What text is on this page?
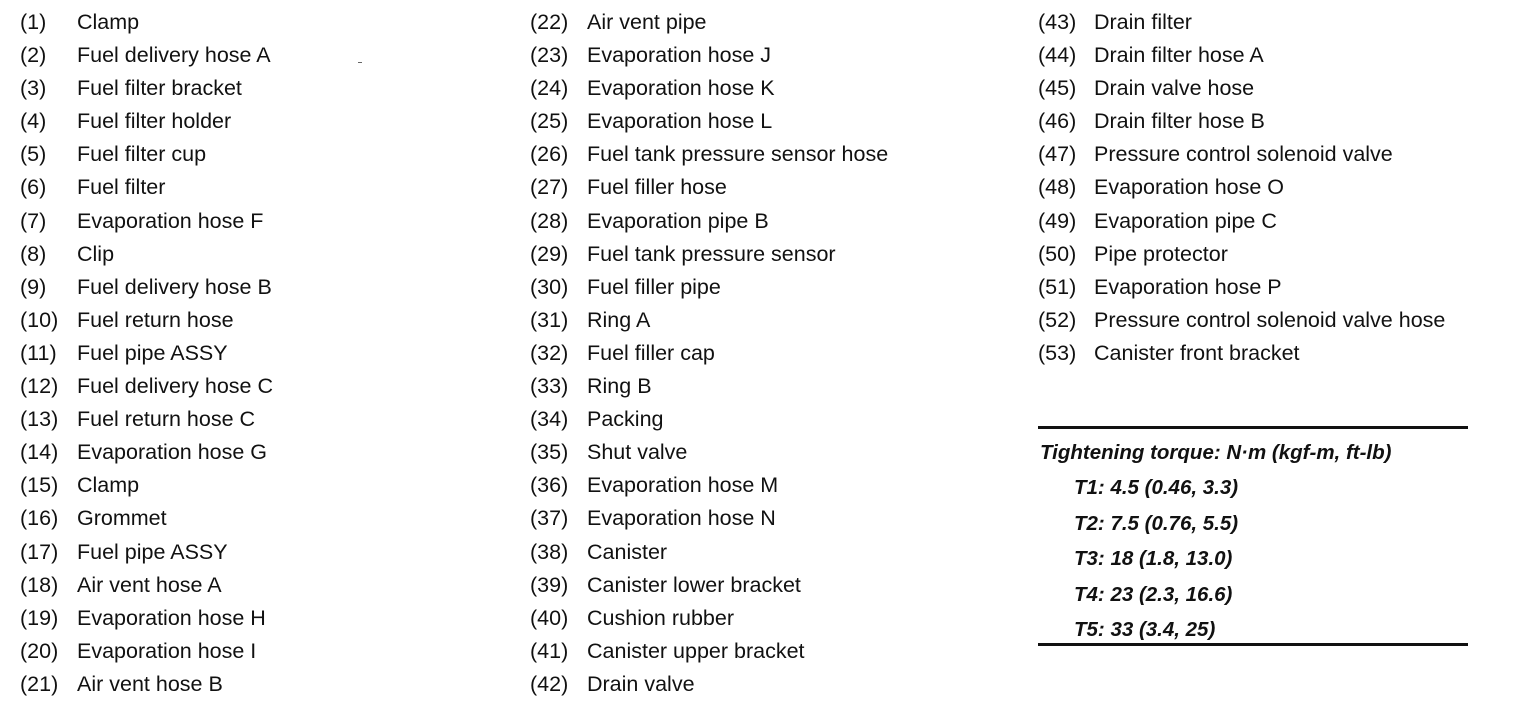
(1)	Clamp
(2)	Fuel delivery hose A
(3)	Fuel filter bracket
(4)	Fuel filter holder
(5)	Fuel filter cup
(6)	Fuel filter
(7)	Evaporation hose F
(8)	Clip
(9)	Fuel delivery hose B
(10) Fuel return hose
(11) Fuel pipe ASSY
(12) Fuel delivery hose C
(13) Fuel return hose C
(14) Evaporation hose G
(15) Clamp
(16) Grommet
(17) Fuel pipe ASSY
(18) Air vent hose A
(19) Evaporation hose H
(20) Evaporation hose I
(21) Air vent hose B
(22) Air vent pipe
(23) Evaporation hose J
(24) Evaporation hose K
(25) Evaporation hose L
(26) Fuel tank pressure sensor hose
(27) Fuel filler hose
(28) Evaporation pipe B
(29) Fuel tank pressure sensor
(30) Fuel filler pipe
(31) Ring A
(32) Fuel filler cap
(33) Ring B
(34) Packing
(35) Shut valve
(36) Evaporation hose M
(37) Evaporation hose N
(38) Canister
(39) Canister lower bracket
(40) Cushion rubber
(41) Canister upper bracket
(42) Drain valve
(43) Drain filter
(44) Drain filter hose A
(45) Drain valve hose
(46) Drain filter hose B
(47) Pressure control solenoid valve
(48) Evaporation hose O
(49) Evaporation pipe C
(50) Pipe protector
(51) Evaporation hose P
(52) Pressure control solenoid valve hose
(53) Canister front bracket
Tightening torque: N·m (kgf-m, ft-lb)
T1: 4.5 (0.46, 3.3)
T2: 7.5 (0.76, 5.5)
T3: 18 (1.8, 13.0)
T4: 23 (2.3, 16.6)
T5: 33 (3.4, 25)
